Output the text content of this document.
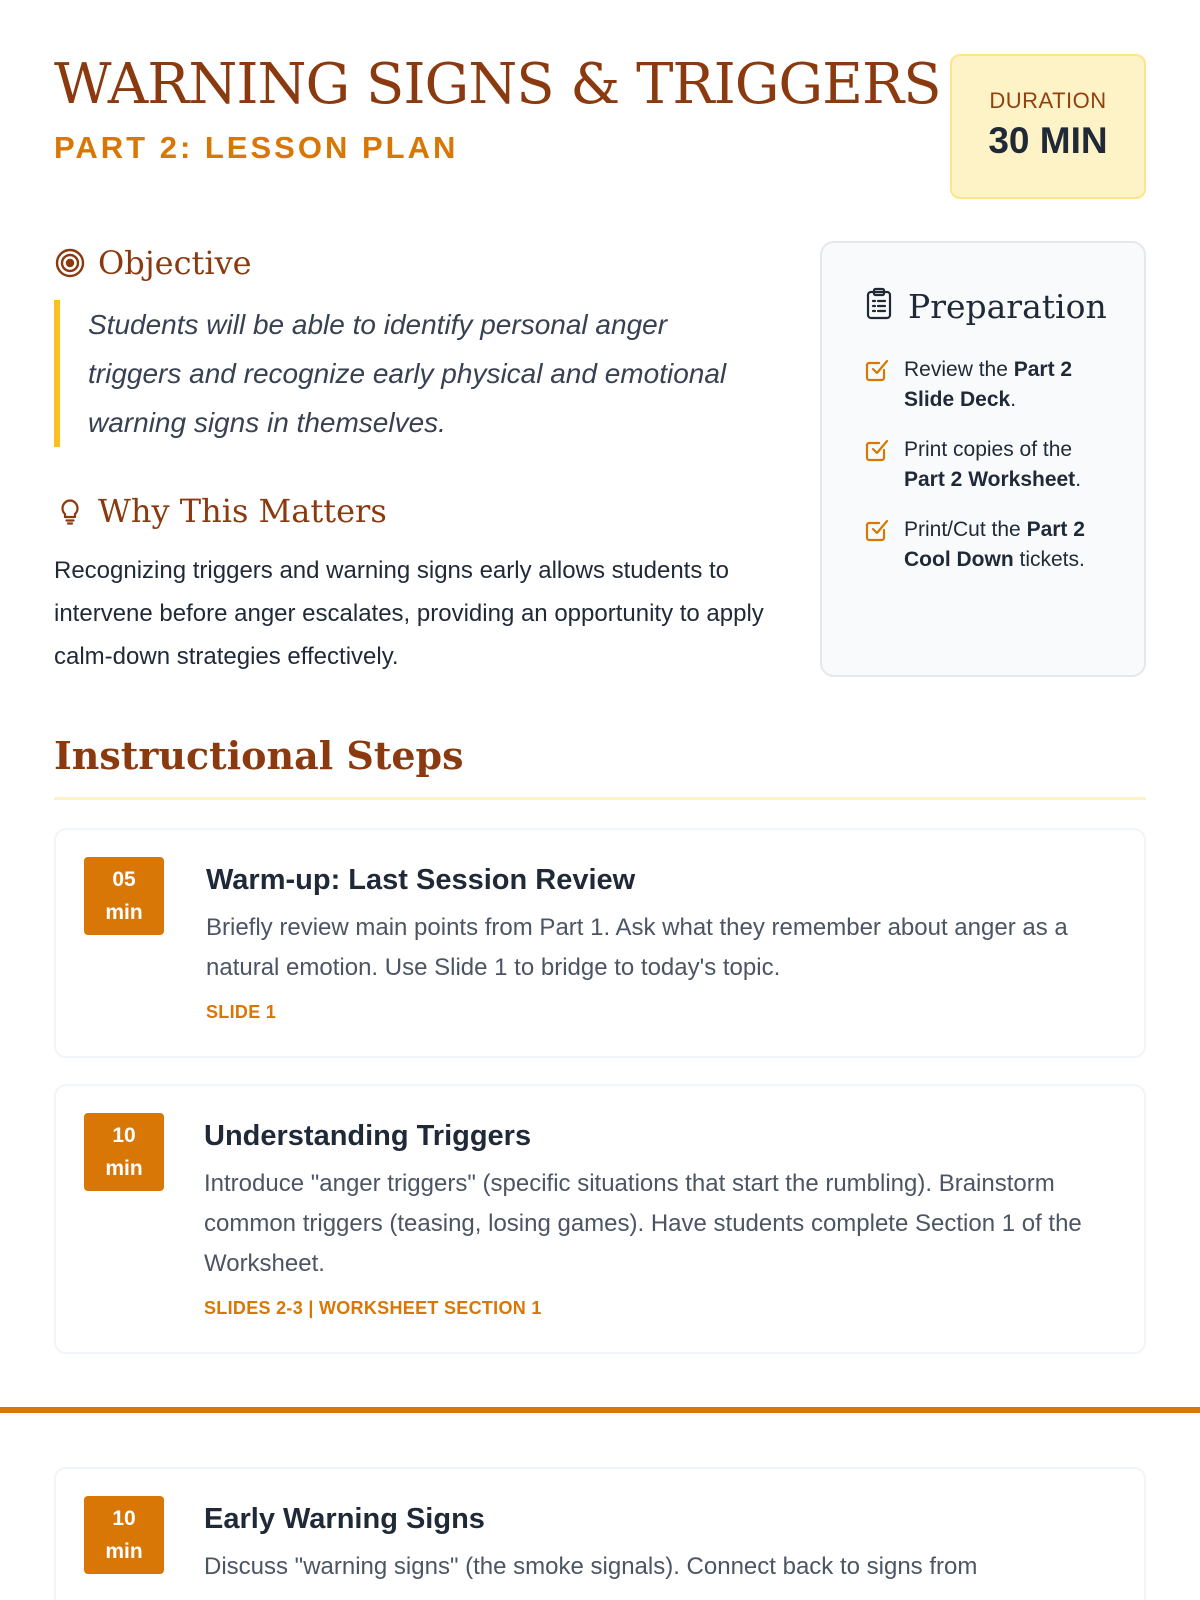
WARNING SIGNS & TRIGGERS
PART 2: LESSON PLAN
DURATION
30 MIN
Objective

Students will be able to identify personal anger triggers and recognize early physical and emotional warning signs in themselves.

Why This Matters

Recognizing triggers and warning signs early allows students to intervene before anger escalates, providing an opportunity to apply calm-down strategies effectively.

Preparation
Review the Part 2 Slide Deck.
Print copies of the Part 2 Worksheet.
Print/Cut the Part 2 Cool Down tickets.
Instructional Steps
05
min
Warm-up: Last Session Review
Briefly review main points from Part 1. Ask what they remember about anger as a natural emotion. Use Slide 1 to bridge to today's topic.
SLIDE 1
10
min
Understanding Triggers
Introduce "anger triggers" (specific situations that start the rumbling). Brainstorm common triggers (teasing, losing games). Have students complete Section 1 of the Worksheet.
SLIDES 2-3 | WORKSHEET SECTION 1
10
min
Early Warning Signs
Discuss "warning signs" (the smoke signals). Connect back to signs from
